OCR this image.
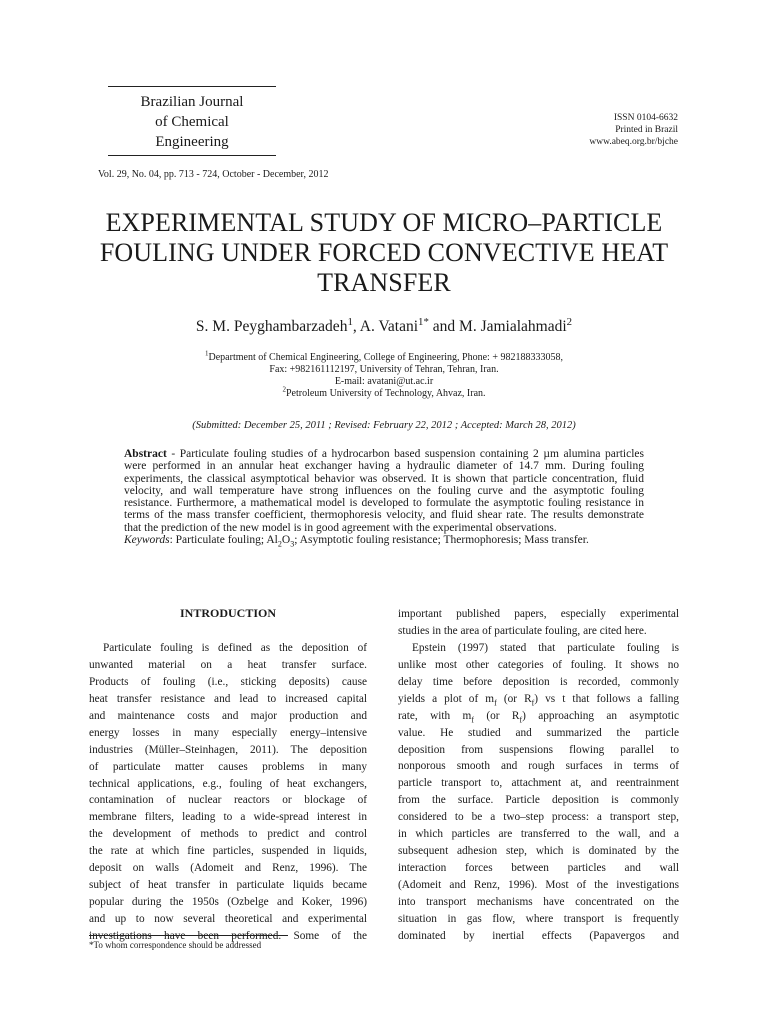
Brazilian Journal
of Chemical
Engineering
ISSN 0104-6632
Printed in Brazil
www.abeq.org.br/bjche
Vol. 29, No. 04, pp. 713 - 724, October - December, 2012
EXPERIMENTAL STUDY OF MICRO–PARTICLE
FOULING UNDER FORCED CONVECTIVE HEAT
TRANSFER
S. M. Peyghambarzadeh$^1$, A. Vatani$^{1*}$ and M. Jamialahmadi$^2$
$^1$Department of Chemical Engineering, College of Engineering, Phone: + 982188333058,
Fax: +982161112197, University of Tehran, Tehran, Iran.
E-mail: avatani@ut.ac.ir
$^2$Petroleum University of Technology, Ahvaz, Iran.
(Submitted: December 25, 2011 ; Revised: February 22, 2012 ; Accepted: March 28, 2012)
Abstract - Particulate fouling studies of a hydrocarbon based suspension containing 2 µm alumina particles
were performed in an annular heat exchanger having a hydraulic diameter of 14.7 mm. During fouling
experiments, the classical asymptotical behavior was observed. It is shown that particle concentration, fluid
velocity, and wall temperature have strong influences on the fouling curve and the asymptotic fouling
resistance. Furthermore, a mathematical model is developed to formulate the asymptotic fouling resistance in
terms of the mass transfer coefficient, thermophoresis velocity, and fluid shear rate. The results demonstrate
that the prediction of the new model is in good agreement with the experimental observations.
Keywords: Particulate fouling; $Al_2O_3$; Asymptotic fouling resistance; Thermophoresis; Mass transfer.
INTRODUCTION
Particulate fouling is defined as the deposition of
unwanted material on a heat transfer surface.
Products of fouling (i.e., sticking deposits) cause
heat transfer resistance and lead to increased capital
and maintenance costs and major production and
energy losses in many especially energy–intensive
industries (Müller–Steinhagen, 2011). The deposition
of particulate matter causes problems in many
technical applications, e.g., fouling of heat exchangers,
contamination of nuclear reactors or blockage of
membrane filters, leading to a wide-spread interest in
the development of methods to predict and control
the rate at which fine particles, suspended in liquids,
deposit on walls (Adomeit and Renz, 1996). The
subject of heat transfer in particulate liquids became
popular during the 1950s (Ozbelge and Koker, 1996)
and up to now several theoretical and experimental
investigations have been performed. Some of the
important published papers, especially experimental
studies in the area of particulate fouling, are cited here.
Epstein (1997) stated that particulate fouling is
unlike most other categories of fouling. It shows no
delay time before deposition is recorded, commonly
yields a plot of $m_f$ (or $R_f$) vs t that follows a falling
rate, with $m_f$ (or $R_f$) approaching an asymptotic
value. He studied and summarized the particle
deposition from suspensions flowing parallel to
nonporous smooth and rough surfaces in terms of
particle transport to, attachment at, and reentrainment
from the surface. Particle deposition is commonly
considered to be a two–step process: a transport step,
in which particles are transferred to the wall, and a
subsequent adhesion step, which is dominated by the
interaction forces between particles and wall
(Adomeit and Renz, 1996). Most of the investigations
into transport mechanisms have concentrated on the
situation in gas flow, where transport is frequently
dominated by inertial effects (Papavergos and
*To whom correspondence should be addressed
